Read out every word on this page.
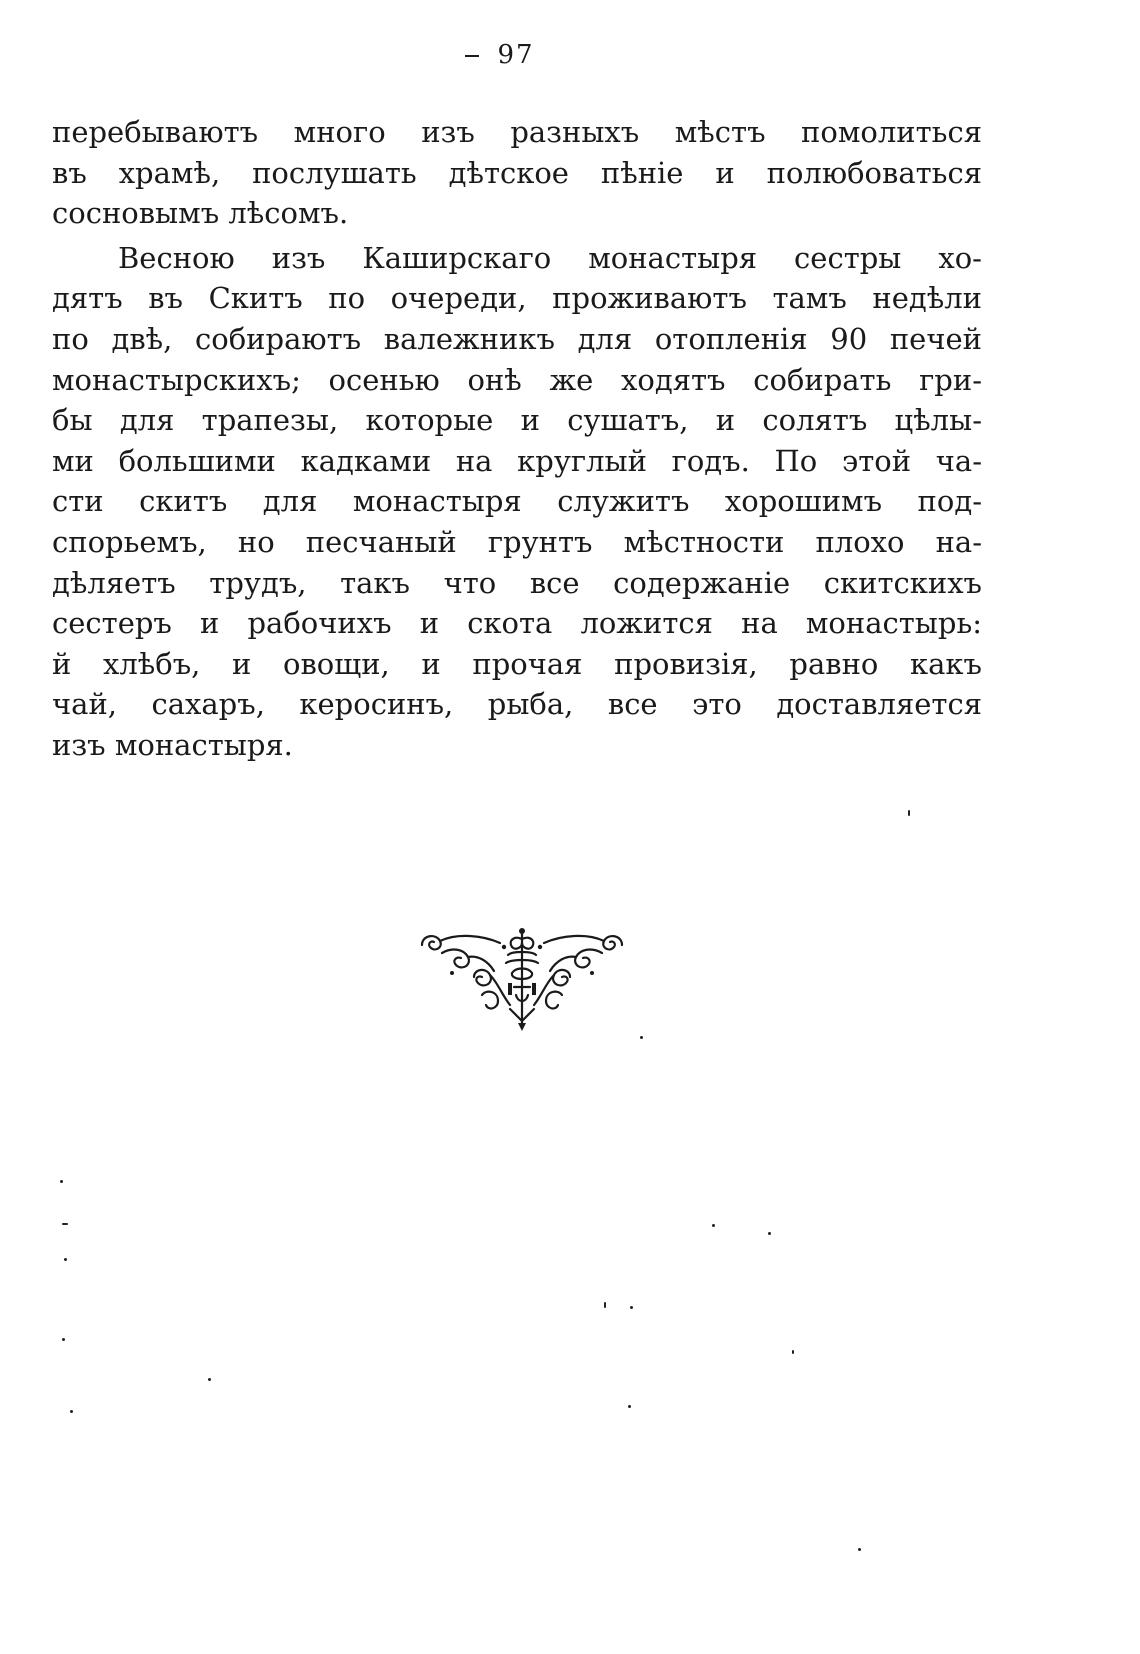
97
перебываютъ много изъ разныхъ мѣстъ помолиться
въ храмѣ, послушать дѣтское пѣніе и полюбоваться
сосновымъ лѣсомъ.
Весною изъ Каширскаго монастыря сестры хо-
дятъ въ Скитъ по очереди, проживаютъ тамъ недѣли
по двѣ, собираютъ валежникъ для отопленія 90 печей
монастырскихъ; осенью онѣ же ходятъ собирать гри-
бы для трапезы, которые и сушатъ, и солятъ цѣлы-
ми большими кадками на круглый годъ. По этой ча-
сти скитъ для монастыря служитъ хорошимъ под-
спорьемъ, но песчаный грунтъ мѣстности плохо на-
дѣляетъ трудъ, такъ что все содержаніе скитскихъ
сестеръ и рабочихъ и скота ложится на монастырь:
й хлѣбъ, и овощи, и прочая провизія, равно какъ
чай, сахаръ, керосинъ, рыба, все это доставляется
изъ монастыря.
